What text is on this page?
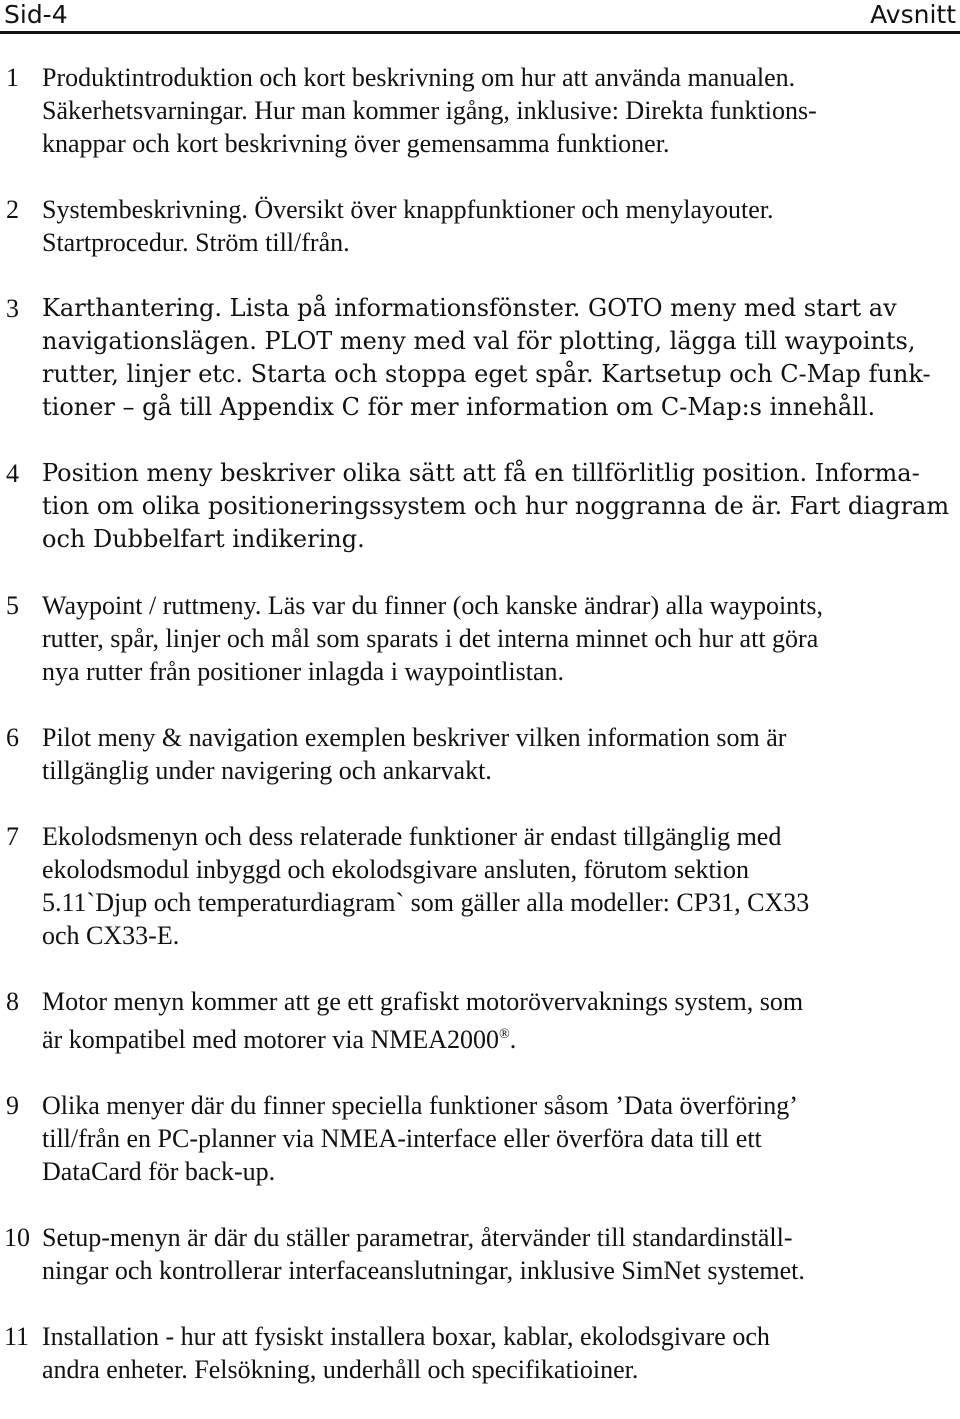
Sid-4	Avsnitt
1 Produktintroduktion och kort beskrivning om hur att använda manualen.
Säkerhetsvarningar. Hur man kommer igång, inklusive: Direkta funktions-
knappar och kort beskrivning över gemensamma funktioner.
2 Systembeskrivning. Översikt över knappfunktioner och menylayouter.
Startprocedur. Ström till/från.
3 Karthantering. Lista på informationsfönster. GOTO meny med start av
navigationslägen. PLOT meny med val för plotting, lägga till waypoints,
rutter, linjer etc. Starta och stoppa eget spår. Kartsetup och C-Map funk-
tioner – gå till Appendix C för mer information om C-Map:s innehåll.
4 Position meny beskriver olika sätt att få en tillförlitlig position. Informa-
tion om olika positioneringssystem och hur noggranna de är. Fart diagram
och Dubbelfart indikering.
5 Waypoint / ruttmeny. Läs var du finner (och kanske ändrar) alla waypoints,
rutter, spår, linjer och mål som sparats i det interna minnet och hur att göra
nya rutter från positioner inlagda i waypointlistan.
6 Pilot meny & navigation exemplen beskriver vilken information som är
tillgänglig under navigering och ankarvakt.
7 Ekolodsmenyn och dess relaterade funktioner är endast tillgänglig med
ekolodsmodul inbyggd och ekolodsgivare ansluten, förutom sektion
5.11`Djup och temperaturdiagram` som gäller alla modeller: CP31, CX33
och CX33-E.
8 Motor menyn kommer att ge ett grafiskt motorövervaknings system, som
är kompatibel med motorer via NMEA2000®.
9 Olika menyer där du finner speciella funktioner såsom ’Data överföring’
till/från en PC-planner via NMEA-interface eller överföra data till ett
DataCard för back-up.
10 Setup-menyn är där du ställer parametrar, återvänder till standardinställ-
ningar och kontrollerar interfaceanslutningar, inklusive SimNet systemet.
11 Installation - hur att fysiskt installera boxar, kablar, ekolodsgivare och
andra enheter. Felsökning, underhåll och specifikatioiner.
